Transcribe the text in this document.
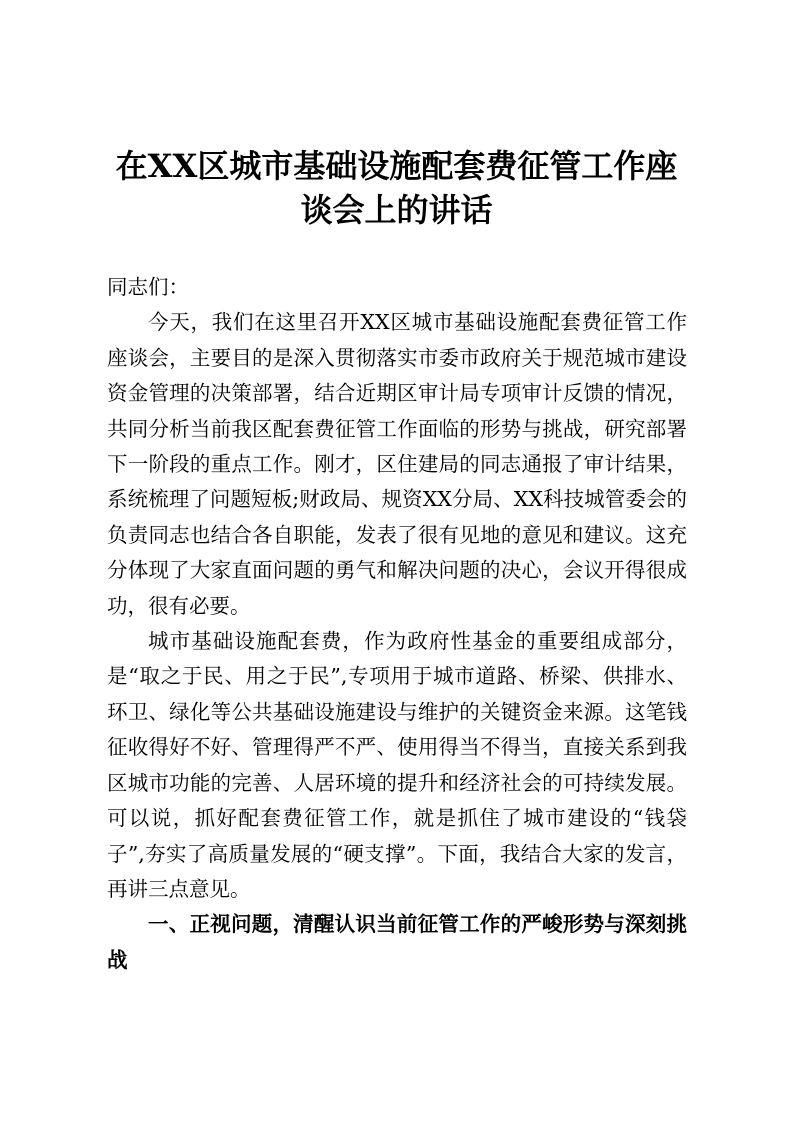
在XX区城市基础设施配套费征管工作座谈会上的讲话

同志们：

今天，我们在这里召开XX区城市基础设施配套费征管工作座谈会，主要目的是深入贯彻落实市委市政府关于规范城市建设资金管理的决策部署，结合近期区审计局专项审计反馈的情况，共同分析当前我区配套费征管工作面临的形势与挑战，研究部署下一阶段的重点工作。刚才，区住建局的同志通报了审计结果，系统梳理了问题短板;财政局、规资XX分局、XX科技城管委会的负责同志也结合各自职能，发表了很有见地的意见和建议。这充分体现了大家直面问题的勇气和解决问题的决心，会议开得很成功，很有必要。

城市基础设施配套费，作为政府性基金的重要组成部分，是“取之于民、用之于民”,专项用于城市道路、桥梁、供排水、环卫、绿化等公共基础设施建设与维护的关键资金来源。这笔钱征收得好不好、管理得严不严、使用得当不得当，直接关系到我区城市功能的完善、人居环境的提升和经济社会的可持续发展。可以说，抓好配套费征管工作，就是抓住了城市建设的“钱袋子”,夯实了高质量发展的“硬支撑”。下面，我结合大家的发言，再讲三点意见。

一、正视问题，清醒认识当前征管工作的严峻形势与深刻挑战
